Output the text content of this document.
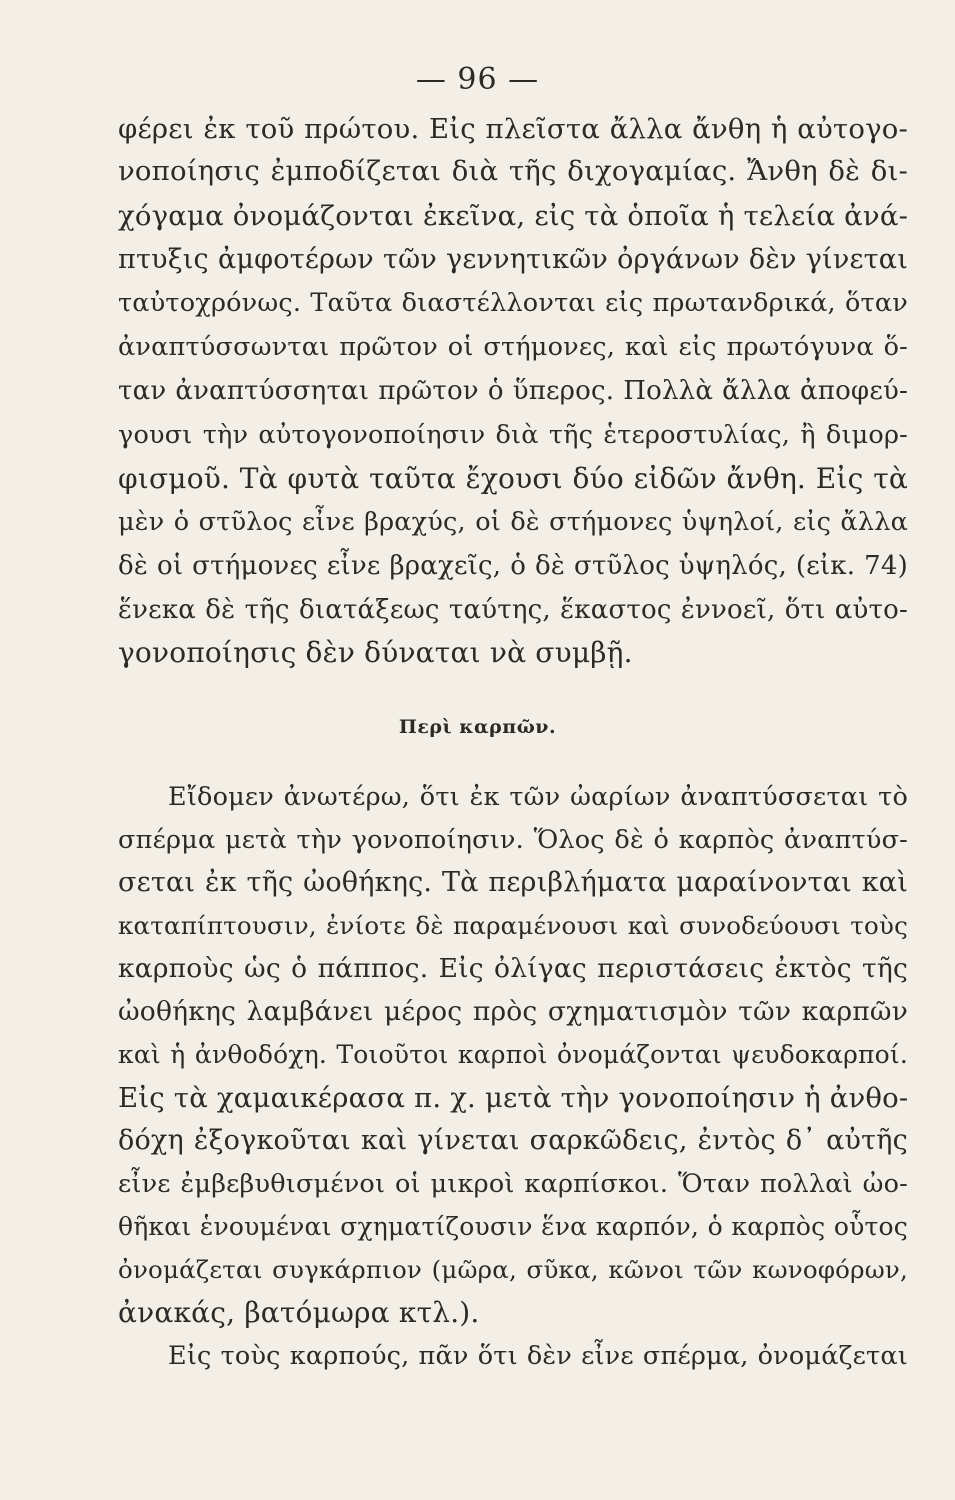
— 96 —
φέρει ἐκ τοῦ πρώτου. Εἰς πλεῖστα ἄλλα ἄνθη ἡ αὐτογο-
νοποίησις ἐμποδίζεται διὰ τῆς διχογαμίας. Ἄνθη δὲ δι-
χόγαμα ὀνομάζονται ἐκεῖνα, εἰς τὰ ὁποῖα ἡ τελεία ἀνά-
πτυξις ἀμφοτέρων τῶν γεννητικῶν ὀργάνων δὲν γίνεται
ταὐτοχρόνως. Ταῦτα διαστέλλονται εἰς πρωτανδρικά, ὅταν
ἀναπτύσσωνται πρῶτον οἱ στήμονες, καὶ εἰς πρωτόγυνα ὅ-
ταν ἀναπτύσσηται πρῶτον ὁ ὕπερος. Πολλὰ ἄλλα ἀποφεύ-
γουσι τὴν αὐτογονοποίησιν διὰ τῆς ἑτεροστυλίας, ἢ διμορ-
φισμοῦ. Τὰ φυτὰ ταῦτα ἔχουσι δύο εἰδῶν ἄνθη. Εἰς τὰ
μὲν ὁ στῦλος εἶνε βραχύς, οἱ δὲ στήμονες ὑψηλοί, εἰς ἄλλα
δὲ οἱ στήμονες εἶνε βραχεῖς, ὁ δὲ στῦλος ὑψηλός, (εἰκ. 74)
ἕνεκα δὲ τῆς διατάξεως ταύτης, ἕκαστος ἐννοεῖ, ὅτι αὐτο-
γονοποίησις δὲν δύναται νὰ συμβῇ.
Περὶ καρπῶν.
Εἴδομεν ἀνωτέρω, ὅτι ἐκ τῶν ὠαρίων ἀναπτύσσεται τὸ
σπέρμα μετὰ τὴν γονοποίησιν. Ὅλος δὲ ὁ καρπὸς ἀναπτύσ-
σεται ἐκ τῆς ὠοθήκης. Τὰ περιβλήματα μαραίνονται καὶ
καταπίπτουσιν, ἐνίοτε δὲ παραμένουσι καὶ συνοδεύουσι τοὺς
καρποὺς ὡς ὁ πάππος. Εἰς ὀλίγας περιστάσεις ἐκτὸς τῆς
ὠοθήκης λαμβάνει μέρος πρὸς σχηματισμὸν τῶν καρπῶν
καὶ ἡ ἀνθοδόχη. Τοιοῦτοι καρποὶ ὀνομάζονται ψευδοκαρποί.
Εἰς τὰ χαμαικέρασα π. χ. μετὰ τὴν γονοποίησιν ἡ ἀνθο-
δόχη ἐξογκοῦται καὶ γίνεται σαρκῶδεις, ἐντὸς δ᾽ αὐτῆς
εἶνε ἐμβεβυθισμένοι οἱ μικροὶ καρπίσκοι. Ὅταν πολλαὶ ὠο-
θῆκαι ἑνουμέναι σχηματίζουσιν ἕνα καρπόν, ὁ καρπὸς οὗτος
ὀνομάζεται συγκάρπιον (μῶρα, σῦκα, κῶνοι τῶν κωνοφόρων,
ἀνακάς, βατόμωρα κτλ.).
Εἰς τοὺς καρπούς, πᾶν ὅτι δὲν εἶνε σπέρμα, ὀνομάζεται
